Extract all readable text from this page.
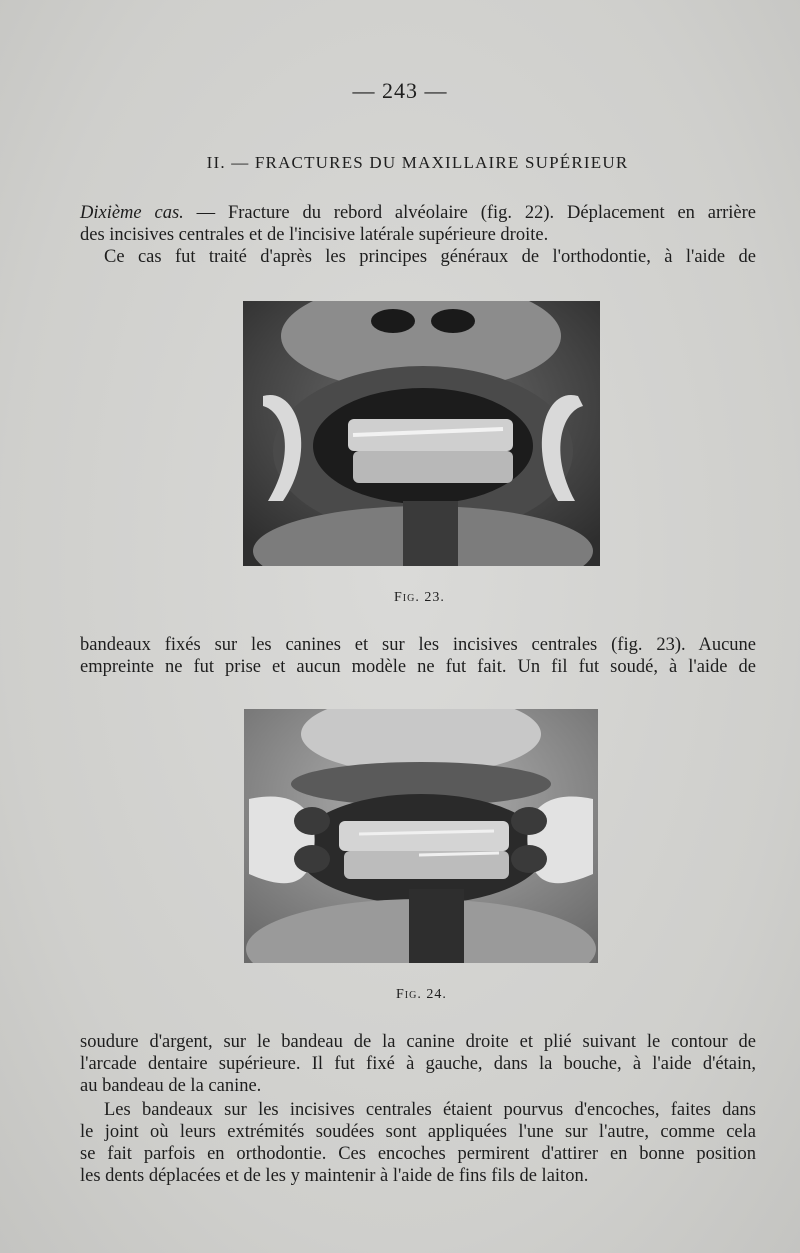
— 243 —
II. — FRACTURES DU MAXILLAIRE SUPÉRIEUR
Dixième cas. — Fracture du rebord alvéolaire (fig. 22). Déplacement en arrière
des incisives centrales et de l'incisive latérale supérieure droite.
Ce cas fut traité d'après les principes généraux de l'orthodontie, à l'aide de
Fig. 23.
bandeaux fixés sur les canines et sur les incisives centrales (fig. 23). Aucune
empreinte ne fut prise et aucun modèle ne fut fait. Un fil fut soudé, à l'aide de
Fig. 24.
soudure d'argent, sur le bandeau de la canine droite et plié suivant le contour de
l'arcade dentaire supérieure. Il fut fixé à gauche, dans la bouche, à l'aide d'étain,
au bandeau de la canine.
Les bandeaux sur les incisives centrales étaient pourvus d'encoches, faites dans
le joint où leurs extrémités soudées sont appliquées l'une sur l'autre, comme cela
se fait parfois en orthodontie. Ces encoches permirent d'attirer en bonne position
les dents déplacées et de les y maintenir à l'aide de fins fils de laiton.
